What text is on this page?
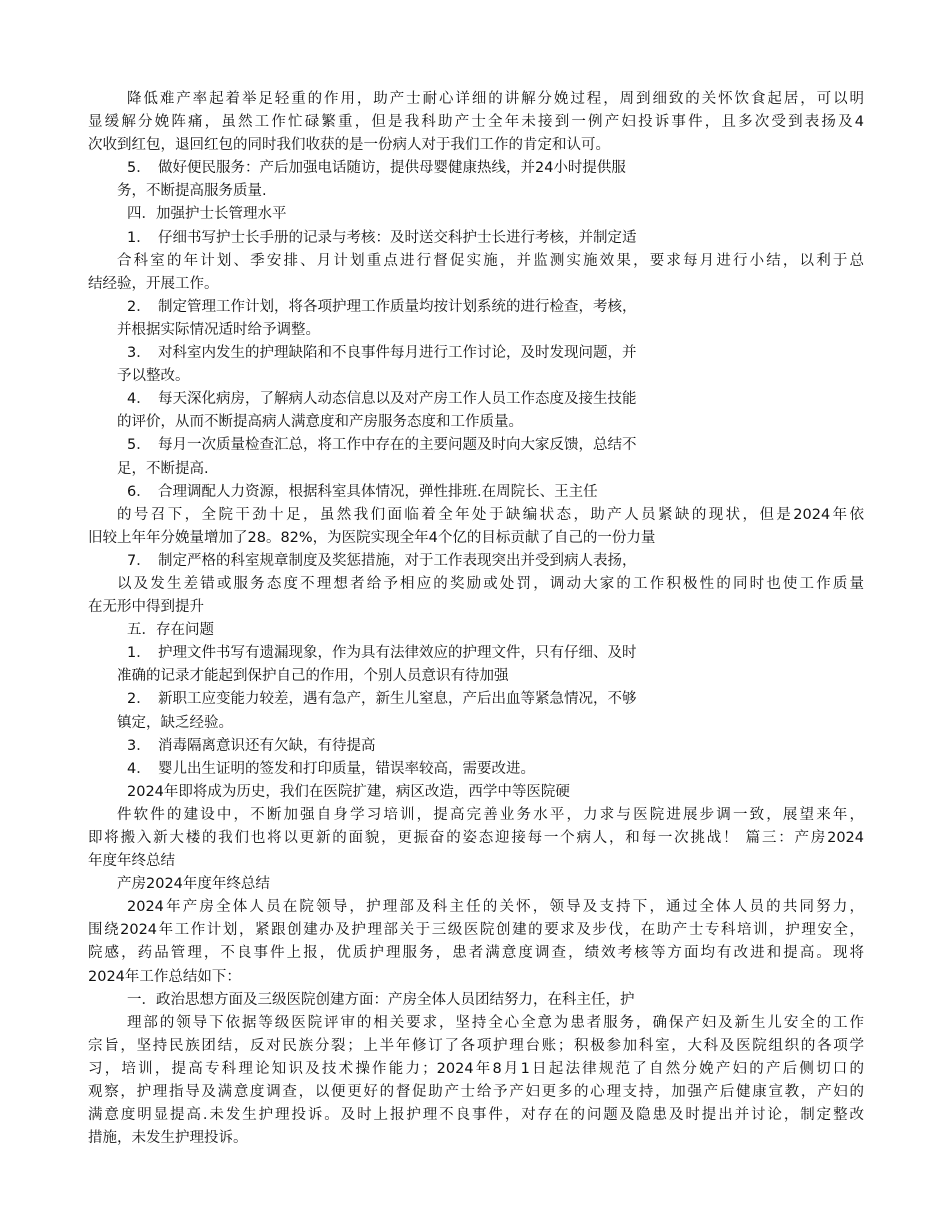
降低难产率起着举足轻重的作用，助产士耐心详细的讲解分娩过程，周到细致的关怀饮食起居，可以明
显缓解分娩阵痛，虽然工作忙碌繁重，但是我科助产士全年未接到一例产妇投诉事件，且多次受到表扬及4
次收到红包，退回红包的同时我们收获的是一份病人对于我们工作的肯定和认可。
5．　做好便民服务：产后加强电话随访，提供母婴健康热线，并24小时提供服
务，不断提高服务质量.
四．加强护士长管理水平
1．　仔细书写护士长手册的记录与考核：及时送交科护士长进行考核，并制定适
合科室的年计划、季安排、月计划重点进行督促实施，并监测实施效果，要求每月进行小结，以利于总
结经验，开展工作。
2．　制定管理工作计划，将各项护理工作质量均按计划系统的进行检查，考核，
并根据实际情况适时给予调整。
3．　对科室内发生的护理缺陷和不良事件每月进行工作讨论，及时发现问题，并
予以整改。
4．　每天深化病房，了解病人动态信息以及对产房工作人员工作态度及接生技能
的评价，从而不断提高病人满意度和产房服务态度和工作质量。
5．　每月一次质量检查汇总，将工作中存在的主要问题及时向大家反馈，总结不
足，不断提高.
6．　合理调配人力资源，根据科室具体情况，弹性排班.在周院长、王主任
的号召下，全院干劲十足，虽然我们面临着全年处于缺编状态，助产人员紧缺的现状，但是2024年依
旧较上年年分娩量增加了28。82%，为医院实现全年4个亿的目标贡献了自己的一份力量
7．　制定严格的科室规章制度及奖惩措施，对于工作表现突出并受到病人表扬，
以及发生差错或服务态度不理想者给予相应的奖励或处罚，调动大家的工作积极性的同时也使工作质量
在无形中得到提升
五．存在问题
1．　护理文件书写有遗漏现象，作为具有法律效应的护理文件，只有仔细、及时
准确的记录才能起到保护自己的作用，个别人员意识有待加强
2．　新职工应变能力较差，遇有急产，新生儿窒息，产后出血等紧急情况，不够
镇定，缺乏经验。
3．　消毒隔离意识还有欠缺，有待提高
4．　婴儿出生证明的签发和打印质量，错误率较高，需要改进。
2024年即将成为历史，我们在医院扩建，病区改造，西学中等医院硬
件软件的建设中，不断加强自身学习培训，提高完善业务水平，力求与医院进展步调一致，展望来年，
即将搬入新大楼的我们也将以更新的面貌，更振奋的姿态迎接每一个病人，和每一次挑战！ 篇三：产房2024
年度年终总结
产房2024年度年终总结
2024年产房全体人员在院领导，护理部及科主任的关怀，领导及支持下，通过全体人员的共同努力，
围绕2024年工作计划，紧跟创建办及护理部关于三级医院创建的要求及步伐，在助产士专科培训，护理安全，
院感，药品管理，不良事件上报，优质护理服务，患者满意度调查，绩效考核等方面均有改进和提高。现将
2024年工作总结如下：
一．政治思想方面及三级医院创建方面：产房全体人员团结努力，在科主任，护
理部的领导下依据等级医院评审的相关要求，坚持全心全意为患者服务，确保产妇及新生儿安全的工作
宗旨，坚持民族团结，反对民族分裂；上半年修订了各项护理台账；积极参加科室，大科及医院组织的各项学
习，培训，提高专科理论知识及技术操作能力；2024年8月1日起法律规范了自然分娩产妇的产后侧切口的
观察，护理指导及满意度调查，以便更好的督促助产士给予产妇更多的心理支持，加强产后健康宣教，产妇的
满意度明显提高.未发生护理投诉。及时上报护理不良事件，对存在的问题及隐患及时提出并讨论，制定整改
措施，未发生护理投诉。
